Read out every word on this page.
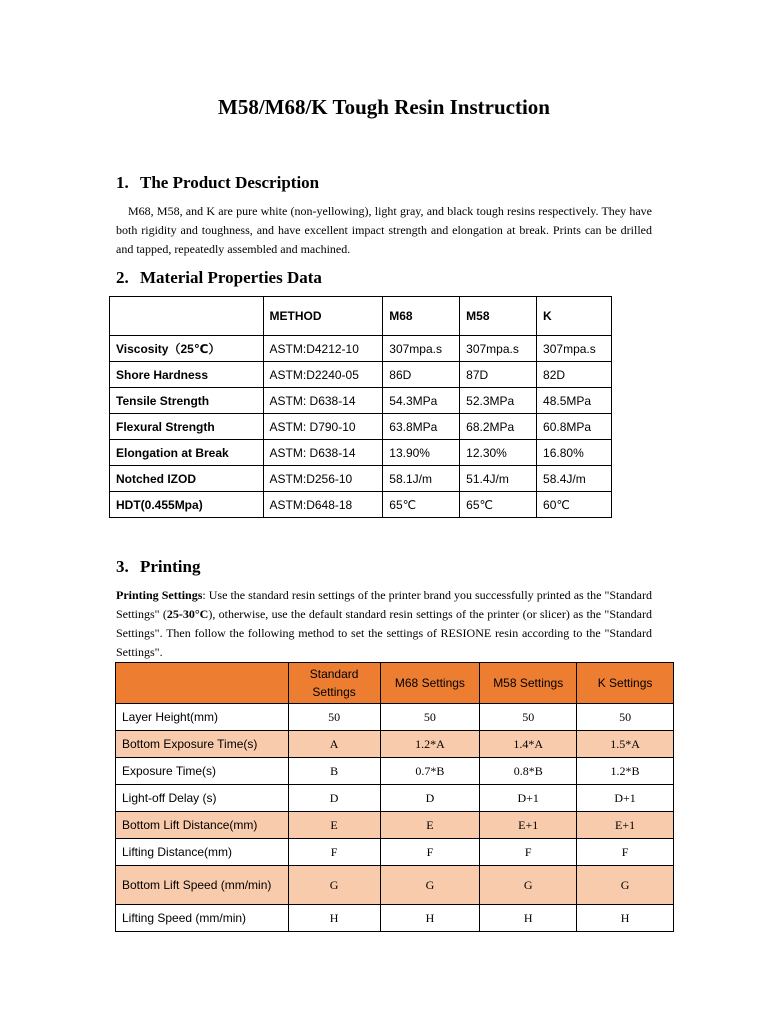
M58/M68/K Tough Resin Instruction
1. The Product Description
M68, M58, and K are pure white (non-yellowing), light gray, and black tough resins respectively. They have both rigidity and toughness, and have excellent impact strength and elongation at break. Prints can be drilled and tapped, repeatedly assembled and machined.
2. Material Properties Data
	METHOD	M68	M58	K
Viscosity（25℃）	ASTM:D4212-10	307mpa.s	307mpa.s	307mpa.s
Shore Hardness	ASTM:D2240-05	86D	87D	82D
Tensile Strength	ASTM: D638-14	54.3MPa	52.3MPa	48.5MPa
Flexural Strength	ASTM: D790-10	63.8MPa	68.2MPa	60.8MPa
Elongation at Break	ASTM: D638-14	13.90%	12.30%	16.80%
Notched IZOD	ASTM:D256-10	58.1J/m	51.4J/m	58.4J/m
HDT(0.455Mpa)	ASTM:D648-18	65℃	65℃	60℃
3. Printing
Printing Settings: Use the standard resin settings of the printer brand you successfully printed as the "Standard Settings" (25-30°C), otherwise, use the default standard resin settings of the printer (or slicer) as the "Standard Settings". Then follow the following method to set the settings of RESIONE resin according to the "Standard Settings".
	Standard Settings	M68 Settings	M58 Settings	K Settings
Layer Height(mm)	50	50	50	50
Bottom Exposure Time(s)	A	1.2*A	1.4*A	1.5*A
Exposure Time(s)	B	0.7*B	0.8*B	1.2*B
Light-off Delay (s)	D	D	D+1	D+1
Bottom Lift Distance(mm)	E	E	E+1	E+1
Lifting Distance(mm)	F	F	F	F
Bottom Lift Speed (mm/min)	G	G	G	G
Lifting Speed (mm/min)	H	H	H	H
